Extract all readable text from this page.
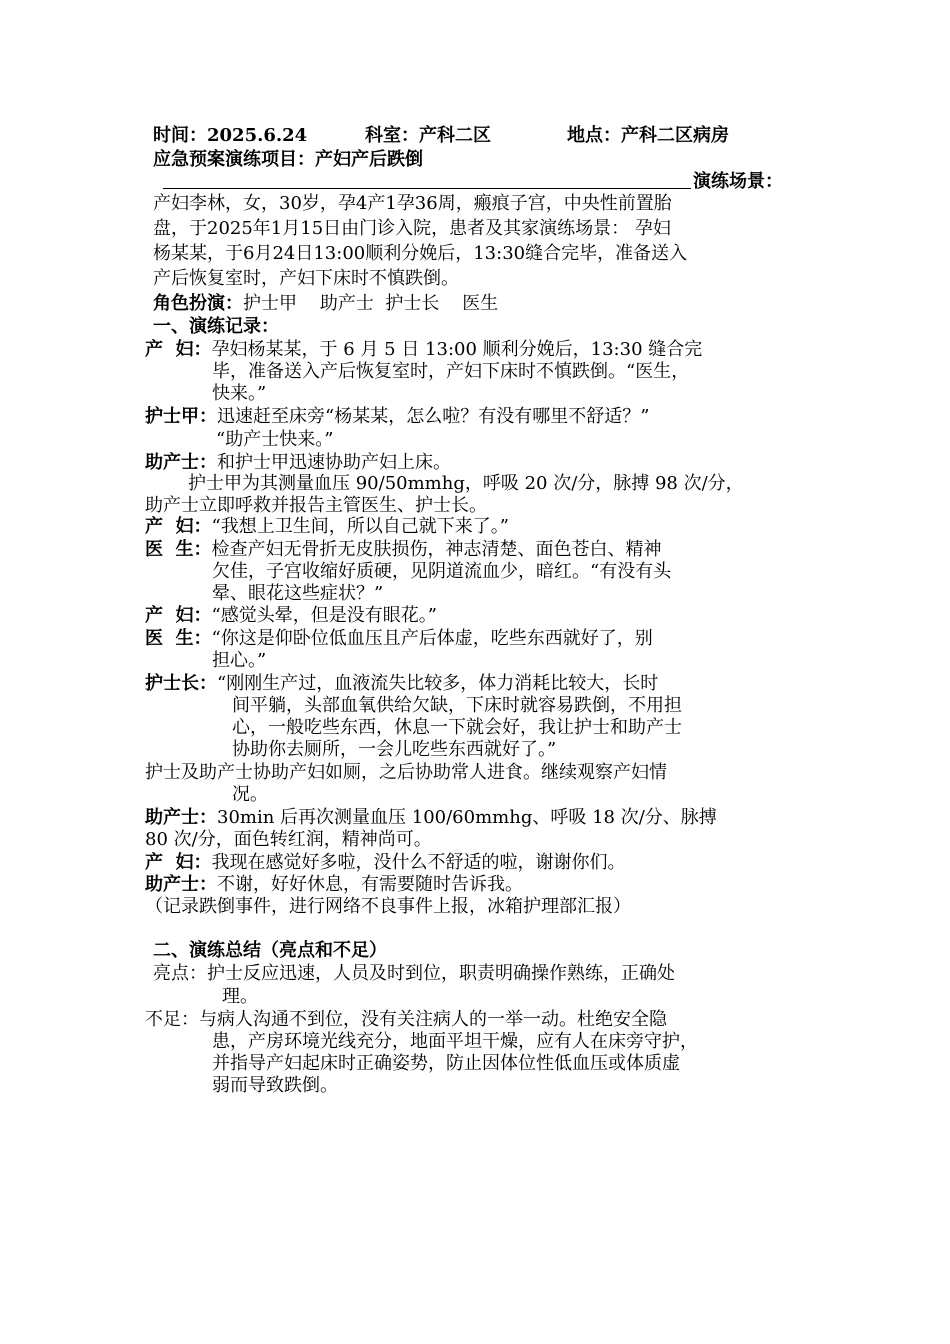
时间：2025.6.24	科室：产科二区	地点：产科二区病房
应急预案演练项目：产妇产后跌倒
演练场景：
产妇李林，女，30岁，孕4产1孕36周，瘢痕子宫，中央性前置胎
盘，于2025年1月15日由门诊入院，患者及其家演练场景： 孕妇
杨某某，于6月24日13:00顺利分娩后，13:30缝合完毕，准备送入
产后恢复室时，产妇下床时不慎跌倒。
角色扮演：护士甲    助产士  护士长    医生
一、演练记录：
产  妇：孕妇杨某某，于 6 月 5 日 13:00 顺利分娩后，13:30 缝合完
毕，准备送入产后恢复室时，产妇下床时不慎跌倒。“医生，
快来。”
护士甲：迅速赶至床旁“杨某某，怎么啦？有没有哪里不舒适？”
“助产士快来。”
助产士：和护士甲迅速协助产妇上床。
护士甲为其测量血压 90/50mmhg，呼吸 20 次/分，脉搏 98 次/分，
助产士立即呼救并报告主管医生、护士长。
产  妇：“我想上卫生间，所以自己就下来了。”
医  生：检查产妇无骨折无皮肤损伤，神志清楚、面色苍白、精神
欠佳，子宫收缩好质硬，见阴道流血少，暗红。“有没有头
晕、眼花这些症状？”
产  妇：“感觉头晕，但是没有眼花。”
医  生：“你这是仰卧位低血压且产后体虚，吃些东西就好了，别
担心。”
护士长：“刚刚生产过，血液流失比较多，体力消耗比较大，长时
间平躺，头部血氧供给欠缺，下床时就容易跌倒，不用担
心，一般吃些东西，休息一下就会好，我让护士和助产士
协助你去厕所，一会儿吃些东西就好了。”
护士及助产士协助产妇如厕，之后协助常人进食。继续观察产妇情
况。
助产士：30min 后再次测量血压 100/60mmhg、呼吸 18 次/分、脉搏
80 次/分，面色转红润，精神尚可。
产  妇：我现在感觉好多啦，没什么不舒适的啦，谢谢你们。
助产士：不谢，好好休息，有需要随时告诉我。
（记录跌倒事件，进行网络不良事件上报，冰箱护理部汇报）
二、演练总结（亮点和不足）
亮点：护士反应迅速，人员及时到位，职责明确操作熟练，正确处
理。
不足：与病人沟通不到位，没有关注病人的一举一动。杜绝安全隐
患，产房环境光线充分，地面平坦干燥，应有人在床旁守护，
并指导产妇起床时正确姿势，防止因体位性低血压或体质虚
弱而导致跌倒。
